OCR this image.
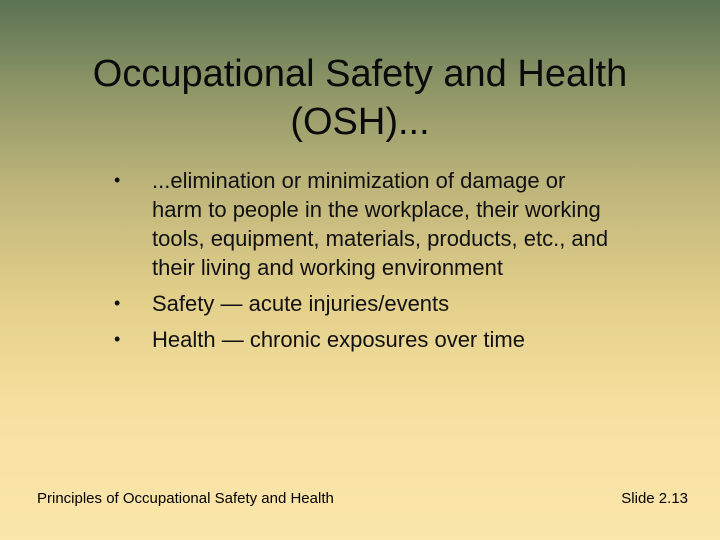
Occupational Safety and Health
(OSH)...
• ...elimination or minimization of damage or harm to people in the workplace, their working tools, equipment, materials, products, etc., and their living and working environment
• Safety — acute injuries/events
• Health — chronic exposures over time
Principles of Occupational Safety and Health	Slide 2.13
